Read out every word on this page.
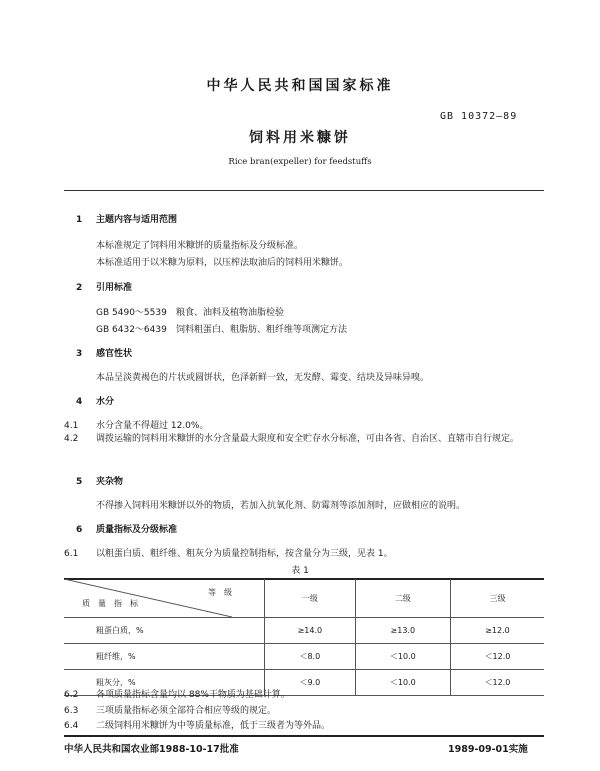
中华人民共和国国家标准
GB 10372—89
饲料用米糠饼
Rice bran(expeller) for feedstuffs
1 主题内容与适用范围
本标准规定了饲料用米糠饼的质量指标及分级标准。
本标准适用于以米糠为原料，以压榨法取油后的饲料用米糠饼。
2 引用标准
GB 5490～5539 粮食、油料及植物油脂检验
GB 6432～6439 饲料粗蛋白、粗脂肪、粗纤维等项测定方法
3 感官性状
本品呈淡黄褐色的片状或圆饼状，色泽新鲜一致，无发酵、霉变、结块及异味异嗅。
4 水分
4.1 水分含量不得超过 12.0%。
4.2 调拨运输的饲料用米糠饼的水分含量最大限度和安全贮存水分标准，可由各省、自治区、直辖市自行规定。
5 夹杂物
不得掺入饲料用米糠饼以外的物质，若加入抗氧化剂、防霉剂等添加剂时，应做相应的说明。
6 质量指标及分级标准
6.1 以粗蛋白质、粗纤维、粗灰分为质量控制指标，按含量分为三级，见表 1。
表 1
等　级
质　量　指　标	一级	二级	三级
粗蛋白质，%	≥14.0	≥13.0	≥12.0
粗纤维，%	＜8.0	＜10.0	＜12.0
粗灰分，%	＜9.0	＜10.0	＜12.0
6.2 各项质量指标含量均以 88%干物质为基础计算。
6.3 三项质量指标必须全部符合相应等级的规定。
6.4 二级饲料用米糠饼为中等质量标准，低于三级者为等外品。
中华人民共和国农业部1988-10-17批准	1989-09-01实施
